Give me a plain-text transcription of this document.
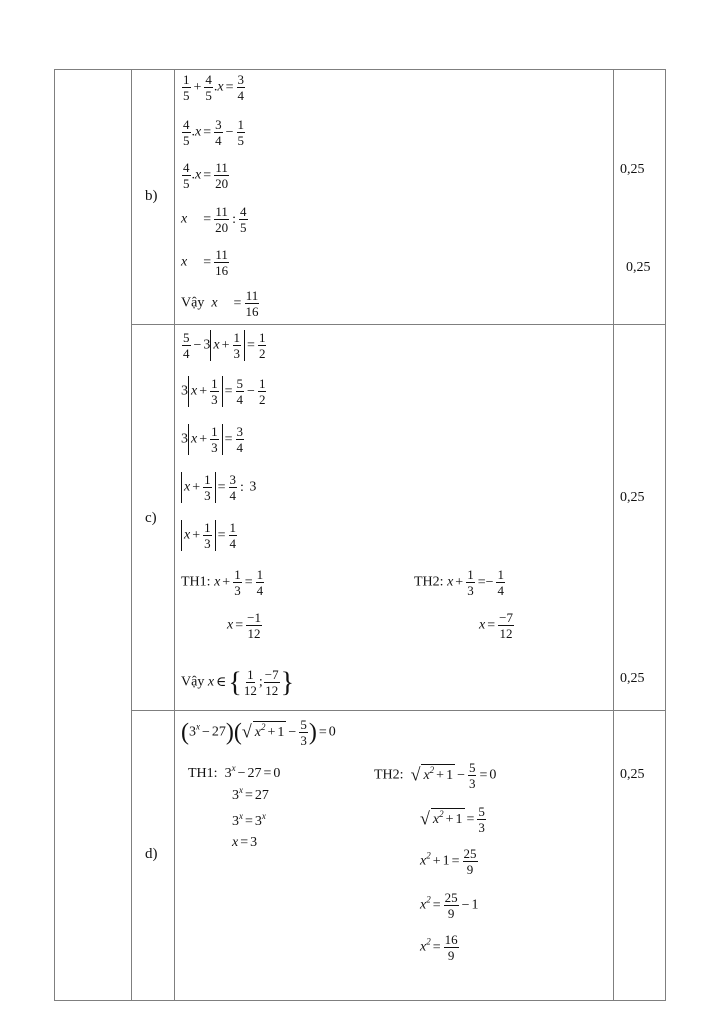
b)
$\frac{1}{5} + \frac{4}{5} .x = \frac{3}{4}$
$\frac{4}{5} .x = \frac{3}{4} - \frac{1}{5}$
$\frac{4}{5} .x = \frac{11}{20}$
$x = \frac{11}{20}$ : $\frac{4}{5}$
$x = \frac{11}{16}$
Vậy $x = \frac{11}{16}$
0,25
0,25
c)
$\frac{5}{4} - 3$ $x + \frac{1}{3} = \frac{1}{2}$
3 $x + \frac{1}{3} = \frac{5}{4} - \frac{1}{2}$
3 $x + \frac{1}{3} = \frac{3}{4}$
$x + \frac{1}{3} = \frac{3}{4}$ : 3
$x + \frac{1}{3} = \frac{1}{4}$
TH1: $x + \frac{1}{3} = \frac{1}{4}$
$x = \frac{-1}{12}$
TH2: $x + \frac{1}{3} =- \frac{1}{4}$
$x = \frac{-7}{12}$
Vậy x ∈{ $\frac{1}{12}$ ; $\frac{-7}{12}$ }
0,25
0,25
d)
$(3^x - 27)(√$ $x^2 + 1 - \frac{5}{3}$ ) = 0
TH1:  $3^x - 27 = 0$
$3^x = 27$
$3^x = 3^x$
x = 3
TH2: √ $x^2 + 1 - \frac{5}{3} = 0$
√ $x^2 + 1 = \frac{5}{3}$
$x^2 + 1 = \frac{25}{9}$
$x^2 = \frac{25}{9} - 1$
$x^2 = \frac{16}{9}$
0,25
